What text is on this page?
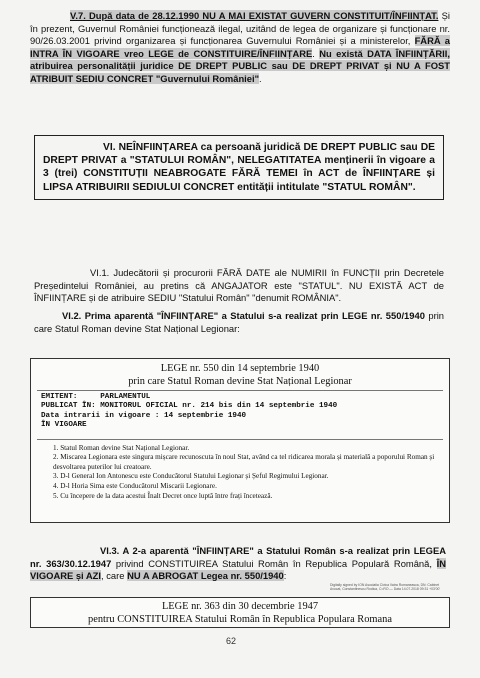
V.7. După data de 28.12.1990 NU A MAI EXISTAT GUVERN CONSTITUIT/ÎNFIINȚAT. Și în prezent, Guvernul României funcționează ilegal, uzitând de legea de organizare și funcționare nr. 90/26.03.2001 privind organizarea și funcționarea Guvernului României și a ministerelor, FĂRĂ a INTRA ÎN VIGOARE vreo LEGE de CONSTITUIRE/ÎNFIINȚARE. Nu există DATA ÎNFIINȚĂRII, atribuirea personalității juridice DE DREPT PUBLIC sau DE DREPT PRIVAT și NU A FOST ATRIBUIT SEDIU CONCRET "Guvernului României".
VI. NEÎNFIINȚAREA ca persoană juridică DE DREPT PUBLIC sau DE DREPT PRIVAT a "STATULUI ROMÂN", NELEGATITATEA menținerii în vigoare a 3 (trei) CONSTITUȚII NEABROGATE FĂRĂ TEMEI în ACT de ÎNFIINȚARE și LIPSA ATRIBUIRII SEDIULUI CONCRET entității intitulate "STATUL ROMÂN".
VI.1. Judecătorii și procurorii FĂRĂ DATE ale NUMIRII în FUNCȚII prin Decretele Președintelui României, au pretins că ANGAJATOR este "STATUL". NU EXISTĂ ACT de ÎNFIINȚARE și de atribuire SEDIU "Statului Român" "denumit ROMÂNIA".
VI.2. Prima aparentă "ÎNFIINȚARE" a Statului s-a realizat prin LEGE nr. 550/1940 prin care Statul Roman devine Stat Național Legionar:
LEGE nr. 550 din 14 septembrie 1940
prin care Statul Roman devine Stat Național Legionar
EMITENT:     PARLAMENTUL
PUBLICAT ÎN: MONITORUL OFICIAL nr. 214 bis din 14 septembrie 1940
Data intrarii in vigoare : 14 septembrie 1940
ÎN VIGOARE
1. Statul Roman devine Stat Național Legionar.
2. Miscarea Legionara este singura mișcare recunoscuta în noul Stat, având ca tel ridicarea morala și materială a poporului Roman și desvoltarea puterilor lui creatoare.
3. D-l General Ion Antonescu este Conducătorul Statului Legionar și Șeful Regimului Legionar.
4. D-l Horia Sima este Conducătorul Miscarii Legionare.
5. Cu începere de la data acestui Înalt Decret once luptă între frați încetează.
VI.3. A 2-a aparentă "ÎNFIINȚARE" a Statului Român s-a realizat prin LEGEA nr. 363/30.12.1947 privind CONSTITUIREA Statului Român în Republica Populară Română, ÎN VIGOARE și AZI, care NU A ABROGAT Legea nr. 550/1940:
LEGE nr. 363 din 30 decembrie 1947
pentru CONSTITUIREA Statului Român în Republica Populara Romana
Digitally signed by ION Asociatia Civica Vatra Romaneasca, DN: Cabinet Avocat, Constantinescu Rodica, C=RO — Data 14.07.2018 09:31 +03'00'
62
